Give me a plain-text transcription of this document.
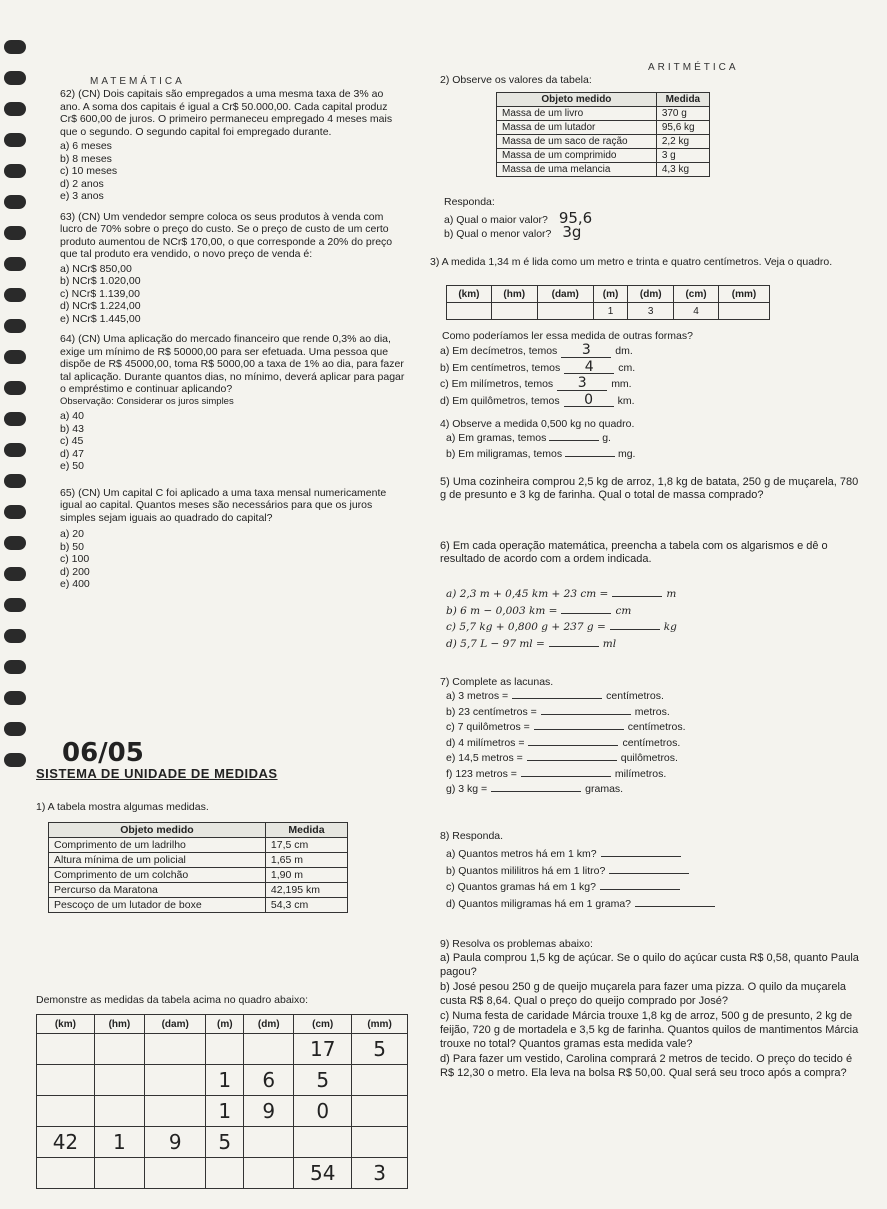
MATEMÁTICA
ARITMÉTICA
62) (CN) Dois capitais são empregados a uma mesma taxa de 3% ao ano. A soma dos capitais é igual a Cr$ 50.000,00. Cada capital produz Cr$ 600,00 de juros. O primeiro permaneceu empregado 4 meses mais que o segundo. O segundo capital foi empregado durante.
a) 6 meses
b) 8 meses
c) 10 meses
d) 2 anos
e) 3 anos
63) (CN) Um vendedor sempre coloca os seus produtos à venda com lucro de 70% sobre o preço do custo. Se o preço de custo de um certo produto aumentou de NCr$ 170,00, o que corresponde a 20% do preço que tal produto era vendido, o novo preço de venda é:
a) NCr$ 850,00
b) NCr$ 1.020,00
c) NCr$ 1.139,00
d) NCr$ 1.224,00
e) NCr$ 1.445,00
64) (CN) Uma aplicação do mercado financeiro que rende 0,3% ao dia, exige um mínimo de R$ 50000,00 para ser efetuada. Uma pessoa que dispõe de R$ 45000,00, toma R$ 5000,00 a taxa de 1% ao dia, para fazer tal aplicação. Durante quantos dias, no mínimo, deverá aplicar para pagar o empréstimo e continuar aplicando?
Observação: Considerar os juros simples
a) 40
b) 43
c) 45
d) 47
e) 50
65) (CN) Um capital C foi aplicado a uma taxa mensal numericamente igual ao capital. Quantos meses são necessários para que os juros simples sejam iguais ao quadrado do capital?
a) 20
b) 50
c) 100
d) 200
e) 400
06/05
SISTEMA DE UNIDADE DE MEDIDAS
1) A tabela mostra algumas medidas.
Objeto medido	Medida
Comprimento de um ladrilho	17,5 cm
Altura mínima de um policial	1,65 m
Comprimento de um colchão	1,90 m
Percurso da Maratona	42,195 km
Pescoço de um lutador de boxe	54,3 cm
Demonstre as medidas da tabela acima no quadro abaixo:
(km)	(hm)	(dam)	(m)	(dm)	(cm)	(mm)
					17	5
			1	6	5	
			1	9	0	
42	1	9	5			
					54	3
2) Observe os valores da tabela:
Objeto medido	Medida
Massa de um livro	370 g
Massa de um lutador	95,6 kg
Massa de um saco de ração	2,2 kg
Massa de um comprimido	3 g
Massa de uma melancia	4,3 kg
Responda:
a) Qual o maior valor? 95,6
b) Qual o menor valor? 3g
3) A medida 1,34 m é lida como um metro e trinta e quatro centímetros. Veja o quadro.
(km)	(hm)	(dam)	(m)	(dm)	(cm)	(mm)
			1	3	4	
Como poderíamos ler essa medida de outras formas?
a) Em decímetros, temos 3 dm.
b) Em centímetros, temos 4 cm.
c) Em milímetros, temos 3 mm.
d) Em quilômetros, temos 0 km.
4) Observe a medida 0,500 kg no quadro.
a) Em gramas, temos	g.
b) Em miligramas, temos	mg.
5) Uma cozinheira comprou 2,5 kg de arroz, 1,8 kg de batata, 250 g de muçarela, 780 g de presunto e 3 kg de farinha. Qual o total de massa comprado?
6) Em cada operação matemática, preencha a tabela com os algarismos e dê o resultado de acordo com a ordem indicada.
a) 2,3 m + 0,45 km + 23 cm =	m
b) 6 m − 0,003 km =	cm
c) 5,7 kg + 0,800 g + 237 g =	kg
d) 5,7 L − 97 ml =	ml
7) Complete as lacunas.
a) 3 metros =	centímetros.
b) 23 centímetros =	metros.
c) 7 quilômetros =	centímetros.
d) 4 milímetros =	centímetros.
e) 14,5 metros =	quilômetros.
f) 123 metros =	milímetros.
g) 3 kg =	gramas.
8) Responda.
a) Quantos metros há em 1 km?
b) Quantos mililitros há em 1 litro?
c) Quantos gramas há em 1 kg?
d) Quantos miligramas há em 1 grama?
9) Resolva os problemas abaixo:
a) Paula comprou 1,5 kg de açúcar. Se o quilo do açúcar custa R$ 0,58, quanto Paula pagou?
b) José pesou 250 g de queijo muçarela para fazer uma pizza. O quilo da muçarela custa R$ 8,64. Qual o preço do queijo comprado por José?
c) Numa festa de caridade Márcia trouxe 1,8 kg de arroz, 500 g de presunto, 2 kg de feijão, 720 g de mortadela e 3,5 kg de farinha. Quantos quilos de mantimentos Márcia trouxe no total? Quantos gramas esta medida vale?
d) Para fazer um vestido, Carolina comprará 2 metros de tecido. O preço do tecido é R$ 12,30 o metro. Ela leva na bolsa R$ 50,00. Qual será seu troco após a compra?
